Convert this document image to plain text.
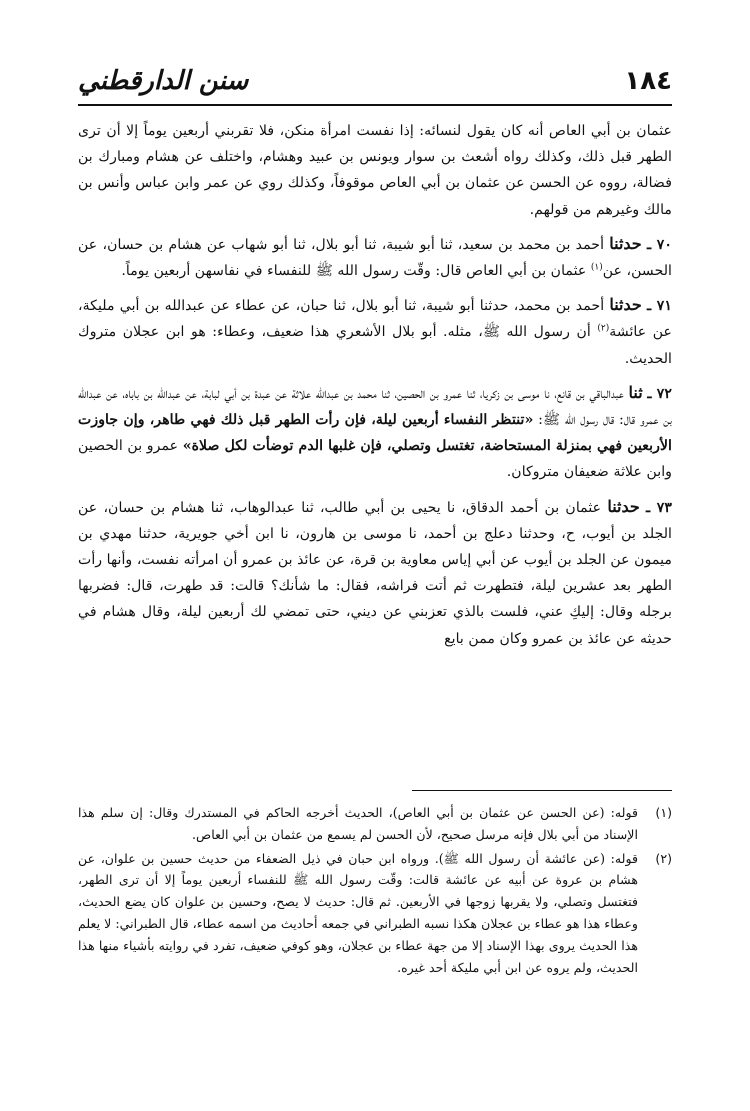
١٨٤
سنن الدارقطني

عثمان بن أبي العاص أنه كان يقول لنسائه: إذا نفست امرأة منكن، فلا تقربني أربعين يوماً إلا أن ترى الطهر قبل ذلك، وكذلك رواه أشعث بن سوار ويونس بن عبيد وهشام، واختلف عن هشام ومبارك بن فضالة، رووه عن الحسن عن عثمان بن أبي العاص موقوفاً، وكذلك روي عن عمر وابن عباس وأنس بن مالك وغيرهم من قولهم.

٧٠ ـ حدثنا أحمد بن محمد بن سعيد، ثنا أبو شيبة، ثنا أبو بلال، ثنا أبو شهاب عن هشام بن حسان، عن الحسن، عن$^{(١)}$ عثمان بن أبي العاص قال: وقّت رسول الله ﷺ للنفساء في نفاسهن أربعين يوماً.

٧١ ـ حدثنا أحمد بن محمد، حدثنا أبو شيبة، ثنا أبو بلال، ثنا حبان، عن عطاء عن عبدالله بن أبي مليكة، عن عائشة$^{(٢)}$ أن رسول الله ﷺ، مثله. أبو بلال الأشعري هذا ضعيف، وعطاء: هو ابن عجلان متروك الحديث.

٧٢ ـ ثنا عبدالباقي بن قانع، نا موسى بن زكريا، ثنا عمرو بن الحصين، ثنا محمد بن عبدالله علاثة عن عبدة بن أبي لبابة، عن عبدالله بن باباه، عن عبدالله بن عمرو قال: قال رسول الله ﷺ: «تنتظر النفساء أربعين ليلة، فإن رأت الطهر قبل ذلك فهي طاهر، وإن جاوزت الأربعين فهي بمنزلة المستحاضة، تغتسل وتصلي، فإن غلبها الدم توضأت لكل صلاة» عمرو بن الحصين وابن علاثة ضعيفان متروكان.

٧٣ ـ حدثنا عثمان بن أحمد الدقاق، نا يحيى بن أبي طالب، ثنا عبدالوهاب، ثنا هشام بن حسان، عن الجلد بن أيوب، ح، وحدثنا دعلج بن أحمد، نا موسى بن هارون، نا ابن أخي جويرية، حدثنا مهدي بن ميمون عن الجلد بن أيوب عن أبي إياس معاوية بن قرة، عن عائذ بن عمرو أن امرأته نفست، وأنها رأت الطهر بعد عشرين ليلة، فتطهرت ثم أتت فراشه، فقال: ما شأنك؟ قالت: قد طهرت، قال: فضربها برجله وقال: إليكِ عني، فلست بالذي تعزبني عن ديني، حتى تمضي لك أربعين ليلة، وقال هشام في حديثه عن عائذ بن عمرو وكان ممن بايع

(١)
قوله: (عن الحسن عن عثمان بن أبي العاص)، الحديث أخرجه الحاكم في المستدرك وقال: إن سلم هذا الإسناد من أبي بلال فإنه مرسل صحيح، لأن الحسن لم يسمع من عثمان بن أبي العاص.
(٢)
قوله: (عن عائشة أن رسول الله ﷺ). ورواه ابن حبان في ذيل الضعفاء من حديث حسين بن علوان، عن هشام بن عروة عن أبيه عن عائشة قالت: وقّت رسول الله ﷺ للنفساء أربعين يوماً إلا أن ترى الطهر، فتغتسل وتصلي، ولا يقربها زوجها في الأربعين. ثم قال: حديث لا يصح، وحسين بن علوان كان يضع الحديث، وعطاء هذا هو عطاء بن عجلان هكذا نسبه الطبراني في جمعه أحاديث من اسمه عطاء، قال الطبراني: لا يعلم هذا الحديث يروى بهذا الإسناد إلا من جهة عطاء بن عجلان، وهو كوفي ضعيف، تفرد في روايته بأشياء منها هذا الحديث، ولم يروه عن ابن أبي مليكة أحد غيره.
